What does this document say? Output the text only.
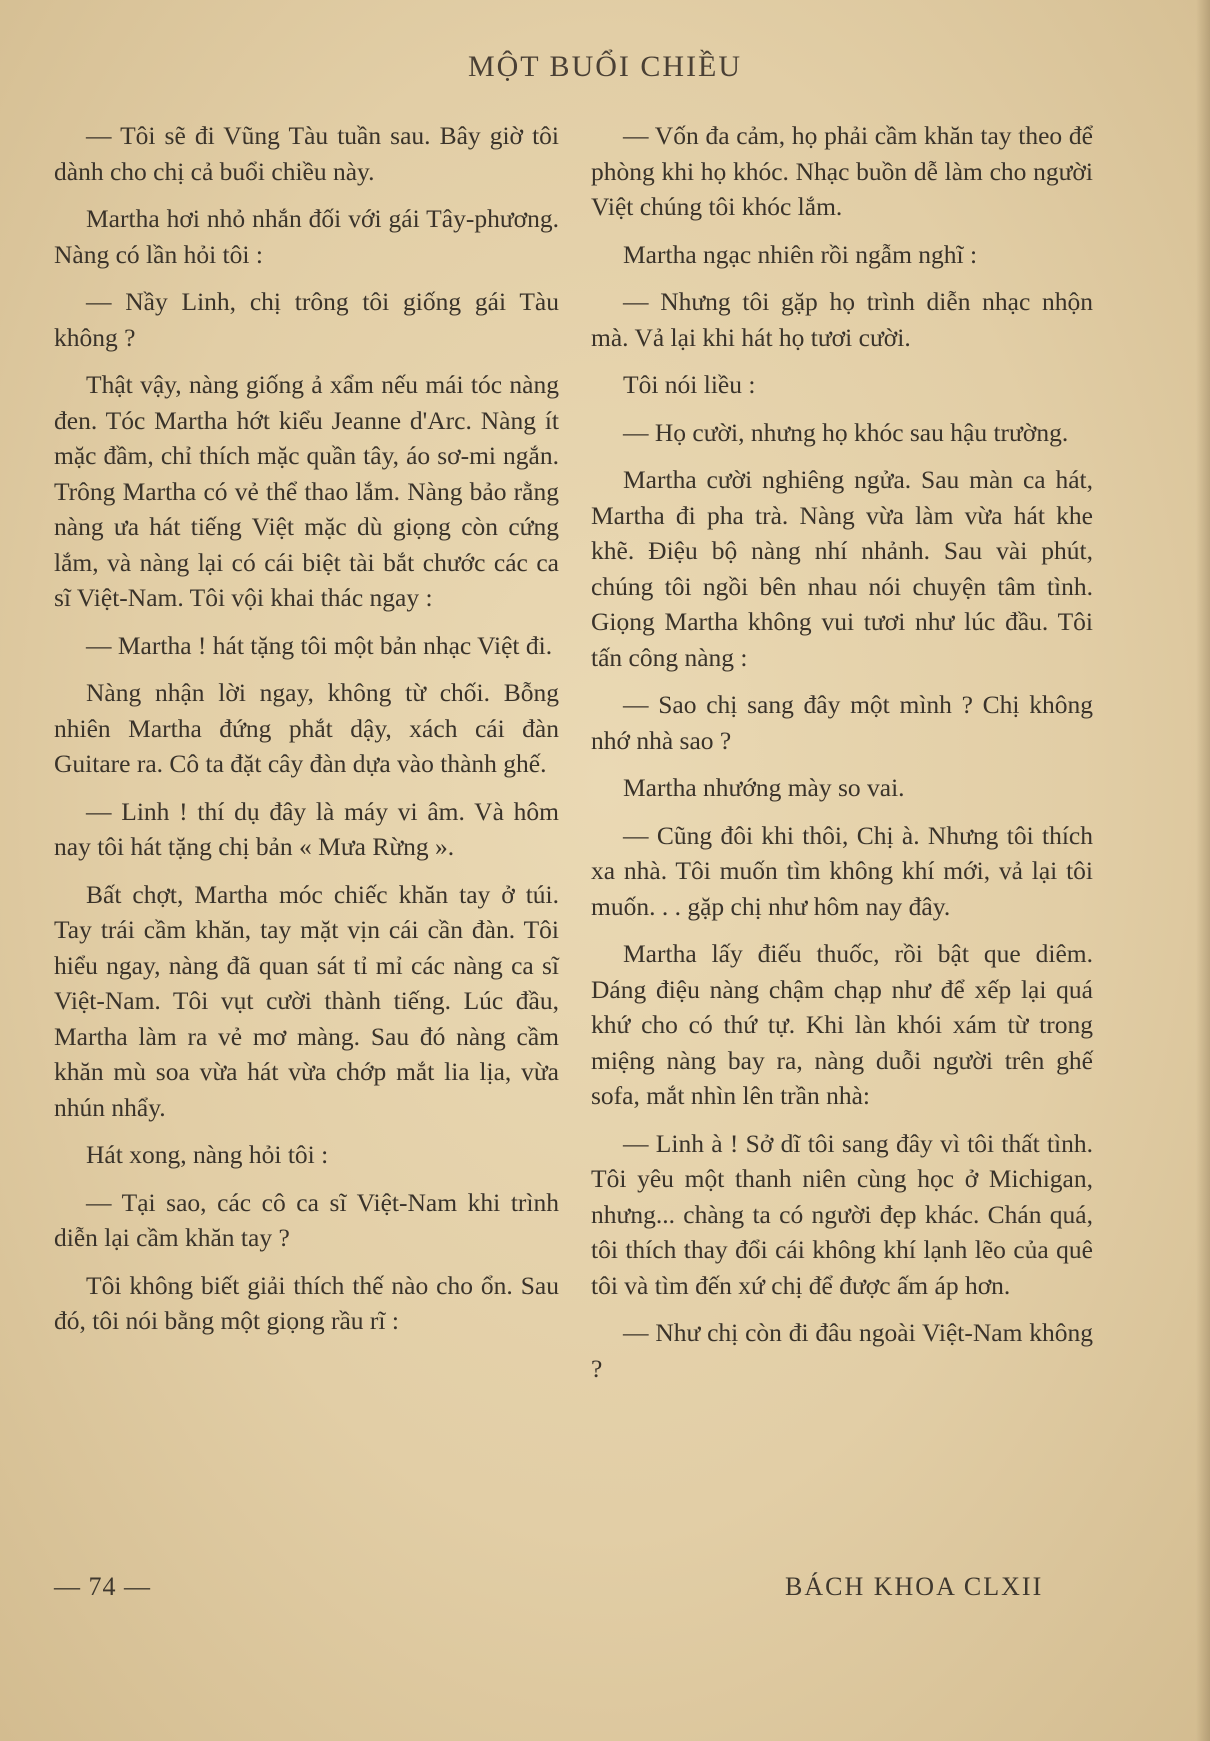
MỘT BUỔI CHIỀU

— Tôi sẽ đi Vũng Tàu tuần sau. Bây giờ tôi dành cho chị cả buổi chiều này.

Martha hơi nhỏ nhắn đối với gái Tây-phương. Nàng có lần hỏi tôi :

— Nầy Linh, chị trông tôi giống gái Tàu không ?

Thật vậy, nàng giống ả xẩm nếu mái tóc nàng đen. Tóc Martha hớt kiểu Jeanne d'Arc. Nàng ít mặc đầm, chỉ thích mặc quần tây, áo sơ-mi ngắn. Trông Martha có vẻ thể thao lắm. Nàng bảo rằng nàng ưa hát tiếng Việt mặc dù giọng còn cứng lắm, và nàng lại có cái biệt tài bắt chước các ca sĩ Việt-Nam. Tôi vội khai thác ngay :

— Martha ! hát tặng tôi một bản nhạc Việt đi.

Nàng nhận lời ngay, không từ chối. Bỗng nhiên Martha đứng phắt dậy, xách cái đàn Guitare ra. Cô ta đặt cây đàn dựa vào thành ghế.

— Linh ! thí dụ đây là máy vi âm. Và hôm nay tôi hát tặng chị bản « Mưa Rừng ».

Bất chợt, Martha móc chiếc khăn tay ở túi. Tay trái cầm khăn, tay mặt vịn cái cần đàn. Tôi hiểu ngay, nàng đã quan sát tỉ mỉ các nàng ca sĩ Việt-Nam. Tôi vụt cười thành tiếng. Lúc đầu, Martha làm ra vẻ mơ màng. Sau đó nàng cầm khăn mù soa vừa hát vừa chớp mắt lia lịa, vừa nhún nhẩy.

Hát xong, nàng hỏi tôi :

— Tại sao, các cô ca sĩ Việt-Nam khi trình diễn lại cầm khăn tay ?

Tôi không biết giải thích thế nào cho ổn. Sau đó, tôi nói bằng một giọng rầu rĩ :

— Vốn đa cảm, họ phải cầm khăn tay theo để phòng khi họ khóc. Nhạc buồn dễ làm cho người Việt chúng tôi khóc lắm.

Martha ngạc nhiên rồi ngẫm nghĩ :

— Nhưng tôi gặp họ trình diễn nhạc nhộn mà. Vả lại khi hát họ tươi cười.

Tôi nói liều :

— Họ cười, nhưng họ khóc sau hậu trường.

Martha cười nghiêng ngửa. Sau màn ca hát, Martha đi pha trà. Nàng vừa làm vừa hát khe khẽ. Điệu bộ nàng nhí nhảnh. Sau vài phút, chúng tôi ngồi bên nhau nói chuyện tâm tình. Giọng Martha không vui tươi như lúc đầu. Tôi tấn công nàng :

— Sao chị sang đây một mình ? Chị không nhớ nhà sao ?

Martha nhướng mày so vai.

— Cũng đôi khi thôi, Chị à. Nhưng tôi thích xa nhà. Tôi muốn tìm không khí mới, vả lại tôi muốn. . . gặp chị như hôm nay đây.

Martha lấy điếu thuốc, rồi bật que diêm. Dáng điệu nàng chậm chạp như để xếp lại quá khứ cho có thứ tự. Khi làn khói xám từ trong miệng nàng bay ra, nàng duỗi người trên ghế sofa, mắt nhìn lên trần nhà:

— Linh à ! Sở dĩ tôi sang đây vì tôi thất tình. Tôi yêu một thanh niên cùng học ở Michigan, nhưng... chàng ta có người đẹp khác. Chán quá, tôi thích thay đổi cái không khí lạnh lẽo của quê tôi và tìm đến xứ chị để được ấm áp hơn.

— Như chị còn đi đâu ngoài Việt-Nam không ?

— 74 —	BÁCH KHOA CLXII
